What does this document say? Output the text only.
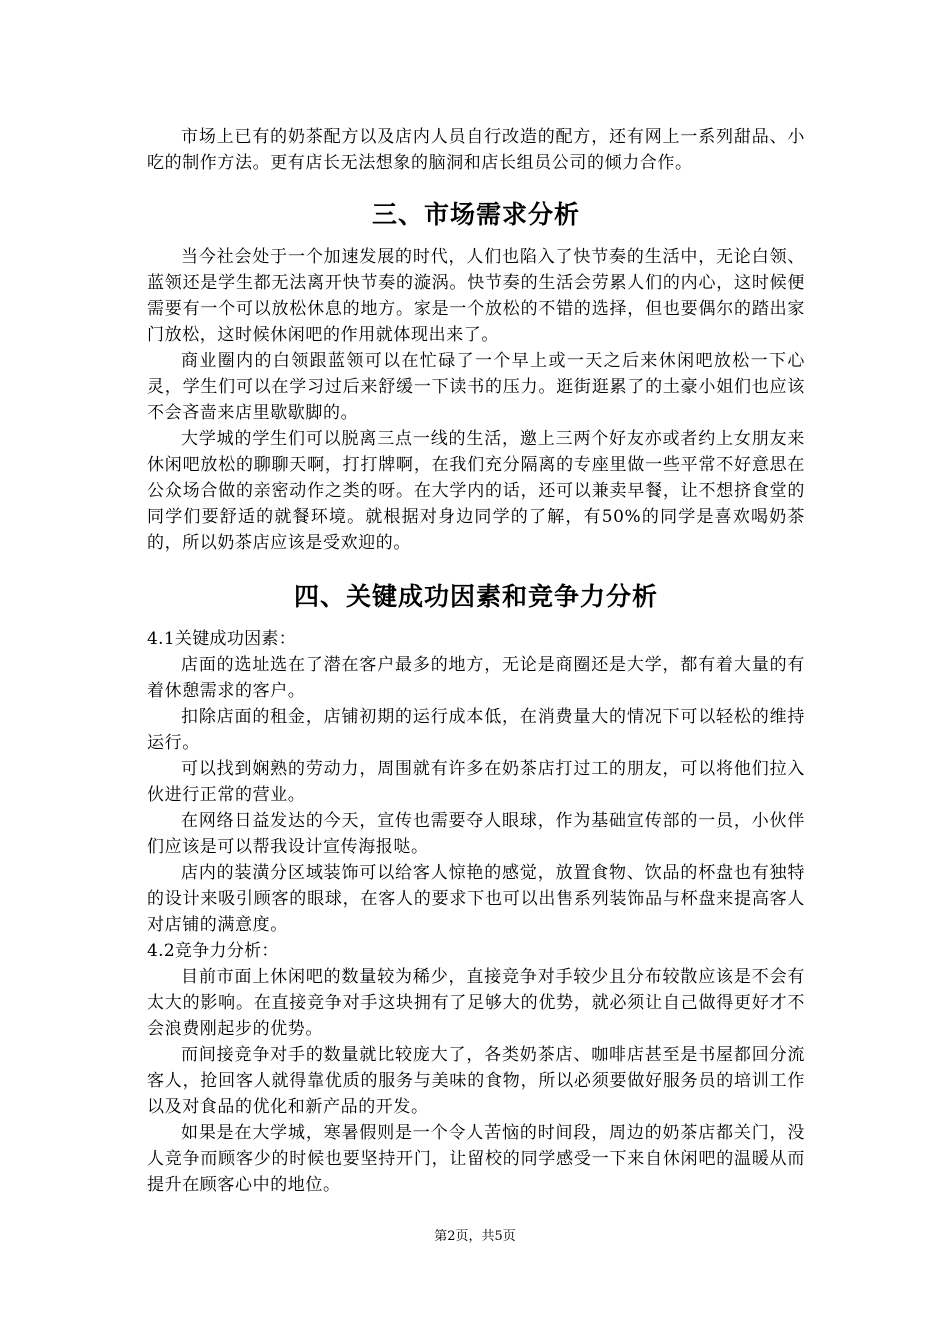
市场上已有的奶茶配方以及店内人员自行改造的配方，还有网上一系列甜品、小吃的制作方法。更有店长无法想象的脑洞和店长组员公司的倾力合作。

三、市场需求分析

当今社会处于一个加速发展的时代，人们也陷入了快节奏的生活中，无论白领、蓝领还是学生都无法离开快节奏的漩涡。快节奏的生活会劳累人们的内心，这时候便需要有一个可以放松休息的地方。家是一个放松的不错的选择，但也要偶尔的踏出家门放松，这时候休闲吧的作用就体现出来了。

商业圈内的白领跟蓝领可以在忙碌了一个早上或一天之后来休闲吧放松一下心灵，学生们可以在学习过后来舒缓一下读书的压力。逛街逛累了的土豪小姐们也应该不会吝啬来店里歇歇脚的。

大学城的学生们可以脱离三点一线的生活，邀上三两个好友亦或者约上女朋友来休闲吧放松的聊聊天啊，打打牌啊，在我们充分隔离的专座里做一些平常不好意思在公众场合做的亲密动作之类的呀。在大学内的话，还可以兼卖早餐，让不想挤食堂的同学们要舒适的就餐环境。就根据对身边同学的了解，有50%的同学是喜欢喝奶茶的，所以奶茶店应该是受欢迎的。

四、关键成功因素和竞争力分析

4.1关键成功因素：

店面的选址选在了潜在客户最多的地方，无论是商圈还是大学，都有着大量的有着休憩需求的客户。

扣除店面的租金，店铺初期的运行成本低，在消费量大的情况下可以轻松的维持运行。

可以找到娴熟的劳动力，周围就有许多在奶茶店打过工的朋友，可以将他们拉入伙进行正常的营业。

在网络日益发达的今天，宣传也需要夺人眼球，作为基础宣传部的一员，小伙伴们应该是可以帮我设计宣传海报哒。

店内的装潢分区域装饰可以给客人惊艳的感觉，放置食物、饮品的杯盘也有独特的设计来吸引顾客的眼球，在客人的要求下也可以出售系列装饰品与杯盘来提高客人对店铺的满意度。

4.2竞争力分析：

目前市面上休闲吧的数量较为稀少，直接竞争对手较少且分布较散应该是不会有太大的影响。在直接竞争对手这块拥有了足够大的优势，就必须让自己做得更好才不会浪费刚起步的优势。

而间接竞争对手的数量就比较庞大了，各类奶茶店、咖啡店甚至是书屋都回分流客人，抢回客人就得靠优质的服务与美味的食物，所以必须要做好服务员的培训工作以及对食品的优化和新产品的开发。

如果是在大学城，寒暑假则是一个令人苦恼的时间段，周边的奶茶店都关门，没人竞争而顾客少的时候也要坚持开门，让留校的同学感受一下来自休闲吧的温暖从而提升在顾客心中的地位。

第2页，共5页
